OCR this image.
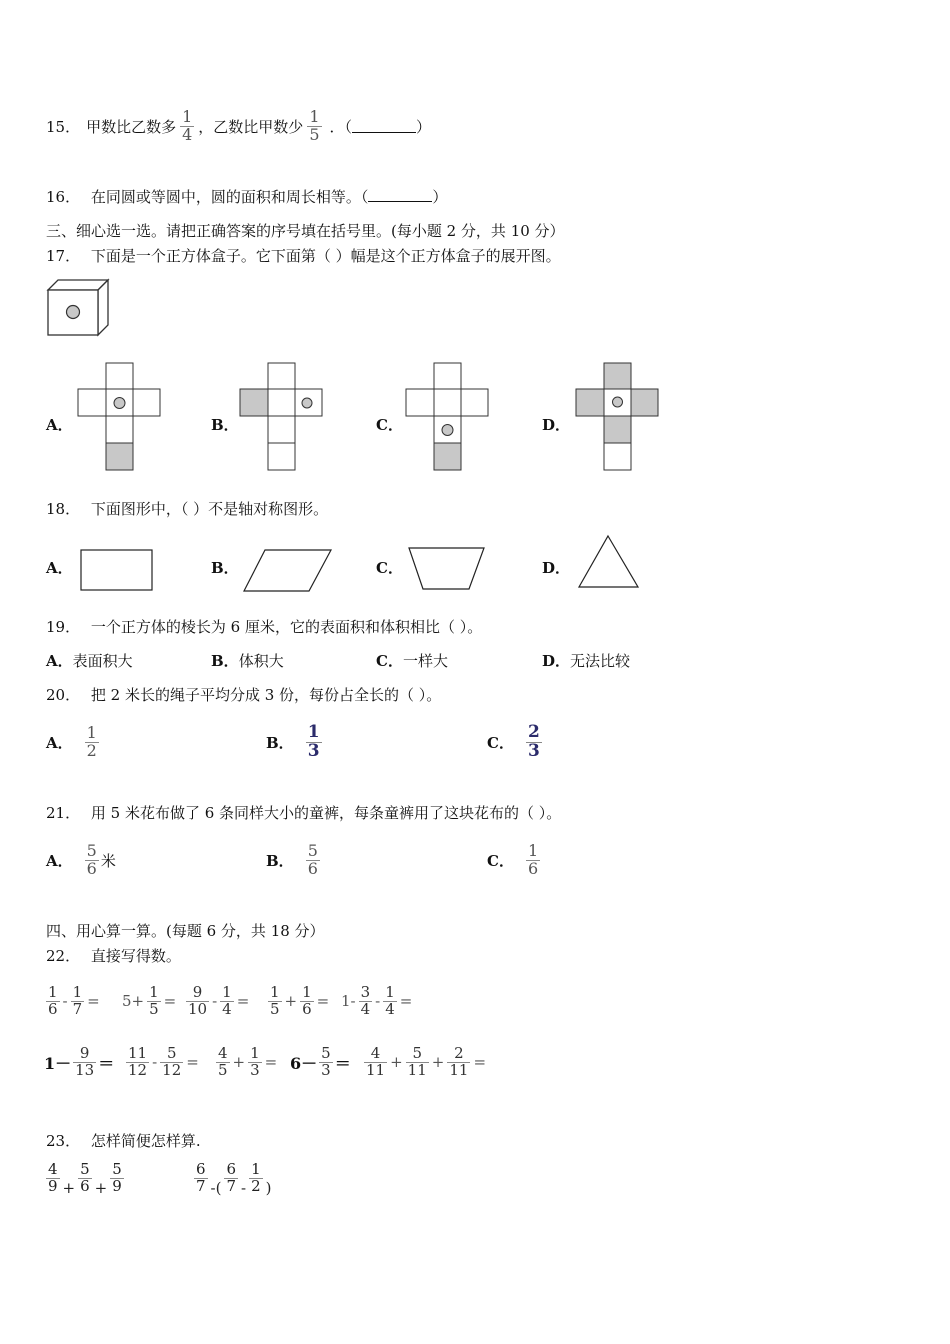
15． 甲数比乙数多 $\frac{1}{4}$ ，乙数比甲数少 $\frac{1}{5}$ ．（	）
16． 在同圆或等圆中，圆的面积和周长相等。（	）
三、细心选一选。请把正确答案的序号填在括号里。(每小题 2 分，共 10 分）
17． 下面是一个正方体盒子。它下面第（ ）幅是这个正方体盒子的展开图。
A．	B．	C．	D．
18． 下面图形中，（ ）不是轴对称图形。
A．	B．	C．	D．
19． 一个正方体的棱长为 6 厘米，它的表面积和体积相比（ ）。
A．表面积大	B．体积大	C．一样大	D．无法比较
20． 把 2 米长的绳子平均分成 3 份，每份占全长的（ ）。
A． $\frac{1}{2}$	B． $\frac{1}{3}$	C． $\frac{2}{3}$
21． 用 5 米花布做了 6 条同样大小的童裤，每条童裤用了这块花布的（ ）。
A． $\frac{5}{6}$ 米	B． $\frac{5}{6}$	C． $\frac{1}{6}$
四、用心算一算。(每题 6 分，共 18 分）
22． 直接写得数。
$\frac{1}{6} - \frac{1}{7} = 5+ \frac{1}{5} = \frac{9}{10} - \frac{1}{4} = \frac{1}{5} + \frac{1}{6} = 1- \frac{3}{4} - \frac{1}{4}$ =
$1- \frac{9}{13} = \frac{11}{12} - \frac{5}{12} = \frac{4}{5} + \frac{1}{3} = 6- \frac{5}{3} = \frac{4}{11} + \frac{5}{11} + \frac{2}{11}$ =
23． 怎样简便怎样算.
$\frac{4}{9} + \frac{5}{6} + \frac{5}{9}$	$\frac{6}{7}$ -( $\frac{6}{7} - \frac{1}{2}$ )
